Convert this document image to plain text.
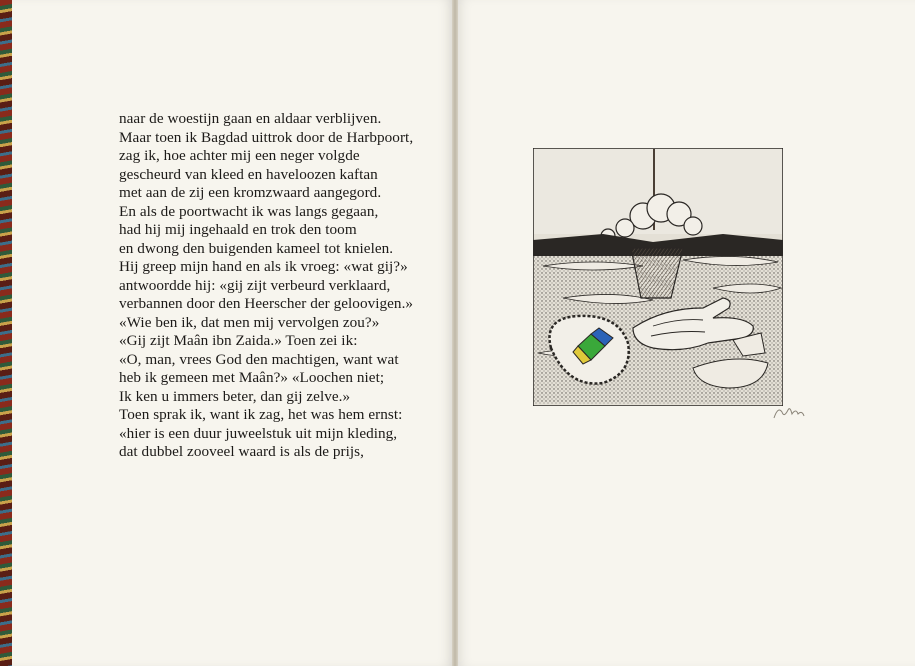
naar de woestijn gaan en aldaar verblijven.
Maar toen ik Bagdad uittrok door de Harbpoort,
zag ik, hoe achter mij een neger volgde
gescheurd van kleed en haveloozen kaftan
met aan de zij een kromzwaard aangegord.
En als de poortwacht ik was langs gegaan,
had hij mij ingehaald en trok den toom
en dwong den buigenden kameel tot knielen.
Hij greep mijn hand en als ik vroeg: «wat gij?»
antwoordde hij: «gij zijt verbeurd verklaard,
verbannen door den Heerscher der geloovigen.»
«Wie ben ik, dat men mij vervolgen zou?»
«Gij zijt Maân ibn Zaida.» Toen zei ik:
«O, man, vrees God den machtigen, want wat
heb ik gemeen met Maân?» «Loochen niet;
Ik ken u immers beter, dan gij zelve.»
Toen sprak ik, want ik zag, het was hem ernst:
«hier is een duur juweelstuk uit mijn kleding,
dat dubbel zooveel waard is als de prijs,
